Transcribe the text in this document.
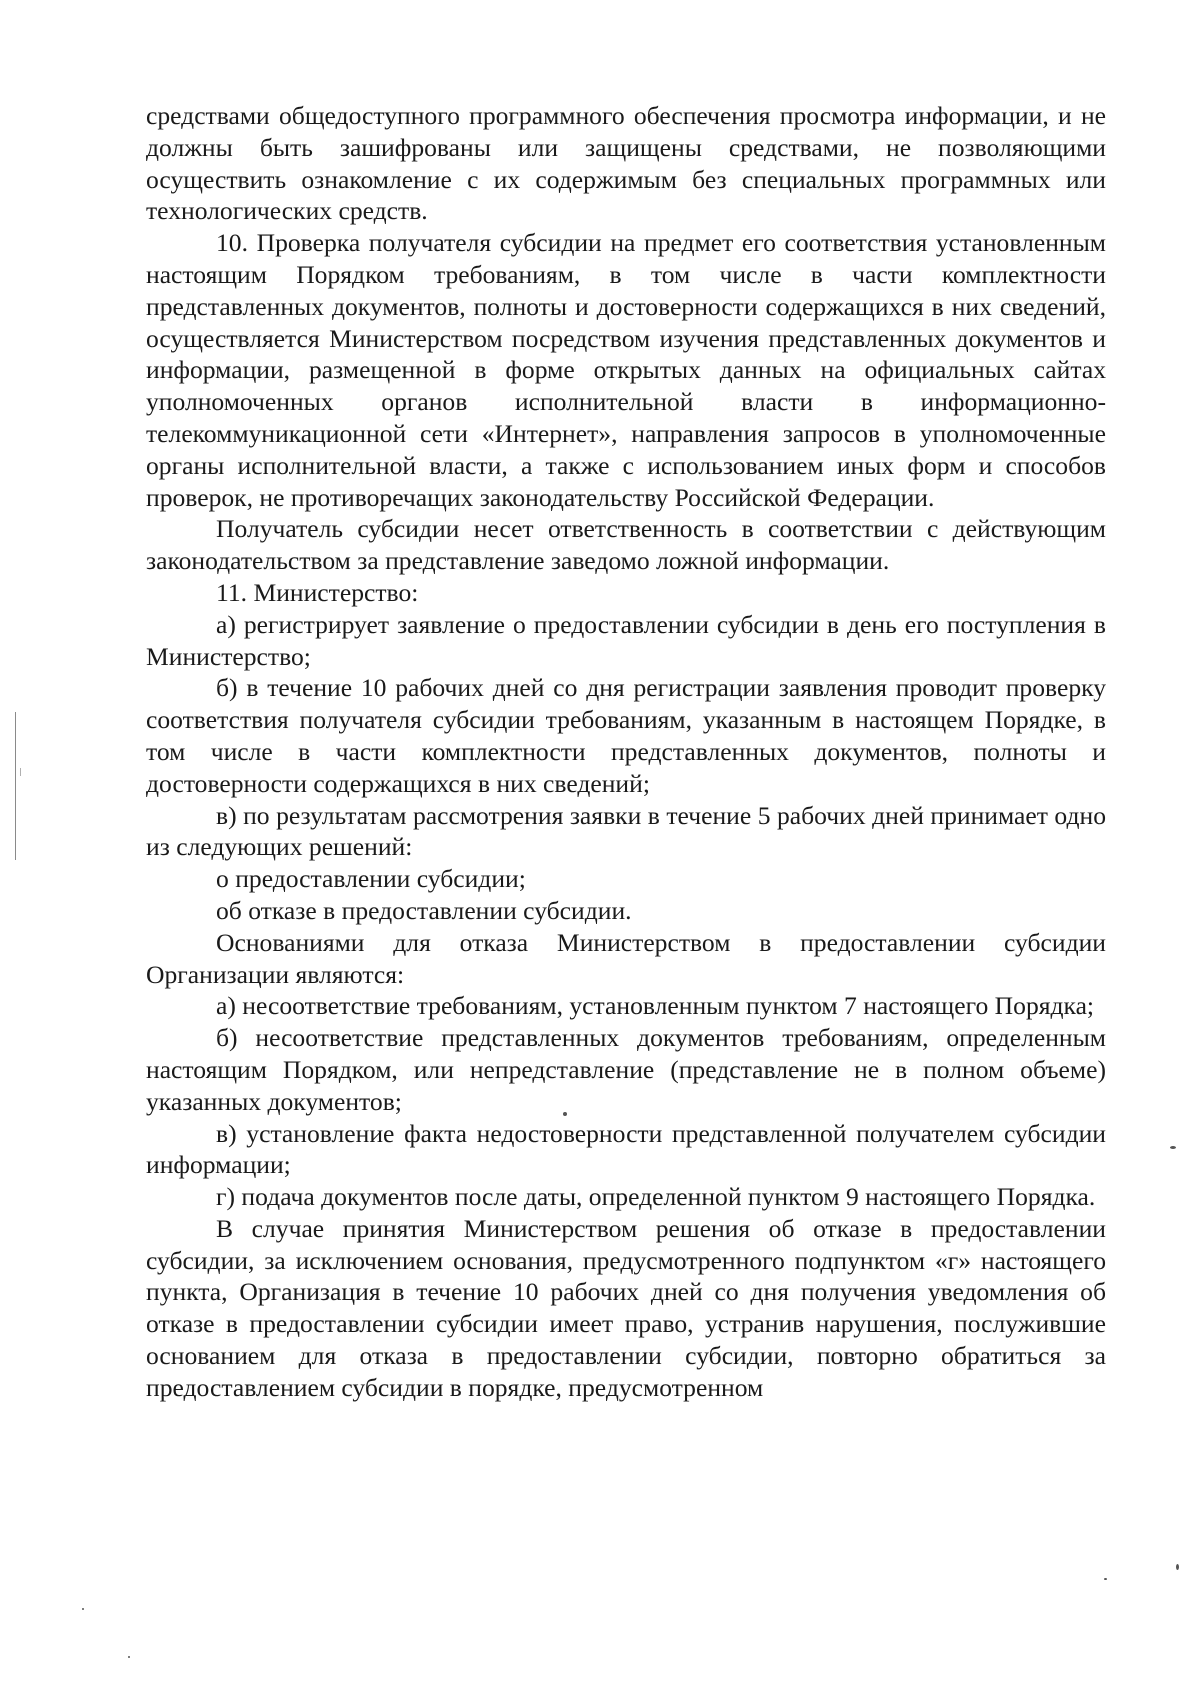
средствами общедоступного программного обеспечения просмотра информации, и не должны быть зашифрованы или защищены средствами, не позволяющими осуществить ознакомление с их содержимым без специальных программных или технологических средств.

10. Проверка получателя субсидии на предмет его соответствия установленным настоящим Порядком требованиям, в том числе в части комплектности представленных документов, полноты и достоверности содержащихся в них сведений, осуществляется Министерством посредством изучения представленных документов и информации, размещенной в форме открытых данных на официальных сайтах уполномоченных органов исполнительной власти в информационно-телекоммуникационной сети «Интернет», направления запросов в уполномоченные органы исполнительной власти, а также с использованием иных форм и способов проверок, не противоречащих законодательству Российской Федерации.

Получатель субсидии несет ответственность в соответствии с действующим законодательством за представление заведомо ложной информации.

11. Министерство:

а) регистрирует заявление о предоставлении субсидии в день его поступления в Министерство;

б) в течение 10 рабочих дней со дня регистрации заявления проводит проверку соответствия получателя субсидии требованиям, указанным в настоящем Порядке, в том числе в части комплектности представленных документов, полноты и достоверности содержащихся в них сведений;

в) по результатам рассмотрения заявки в течение 5 рабочих дней принимает одно из следующих решений:

о предоставлении субсидии;

об отказе в предоставлении субсидии.

Основаниями для отказа Министерством в предоставлении субсидии Организации являются:

а) несоответствие требованиям, установленным пунктом 7 настоящего Порядка;

б) несоответствие представленных документов требованиям, определенным настоящим Порядком, или непредставление (представление не в полном объеме) указанных документов;

в) установление факта недостоверности представленной получателем субсидии информации;

г) подача документов после даты, определенной пунктом 9 настоящего Порядка.

В случае принятия Министерством решения об отказе в предоставлении субсидии, за исключением основания, предусмотренного подпунктом «г» настоящего пункта, Организация в течение 10 рабочих дней со дня получения уведомления об отказе в предоставлении субсидии имеет право, устранив нарушения, послужившие основанием для отказа в предоставлении субсидии, повторно обратиться за предоставлением субсидии в порядке, предусмотренном
